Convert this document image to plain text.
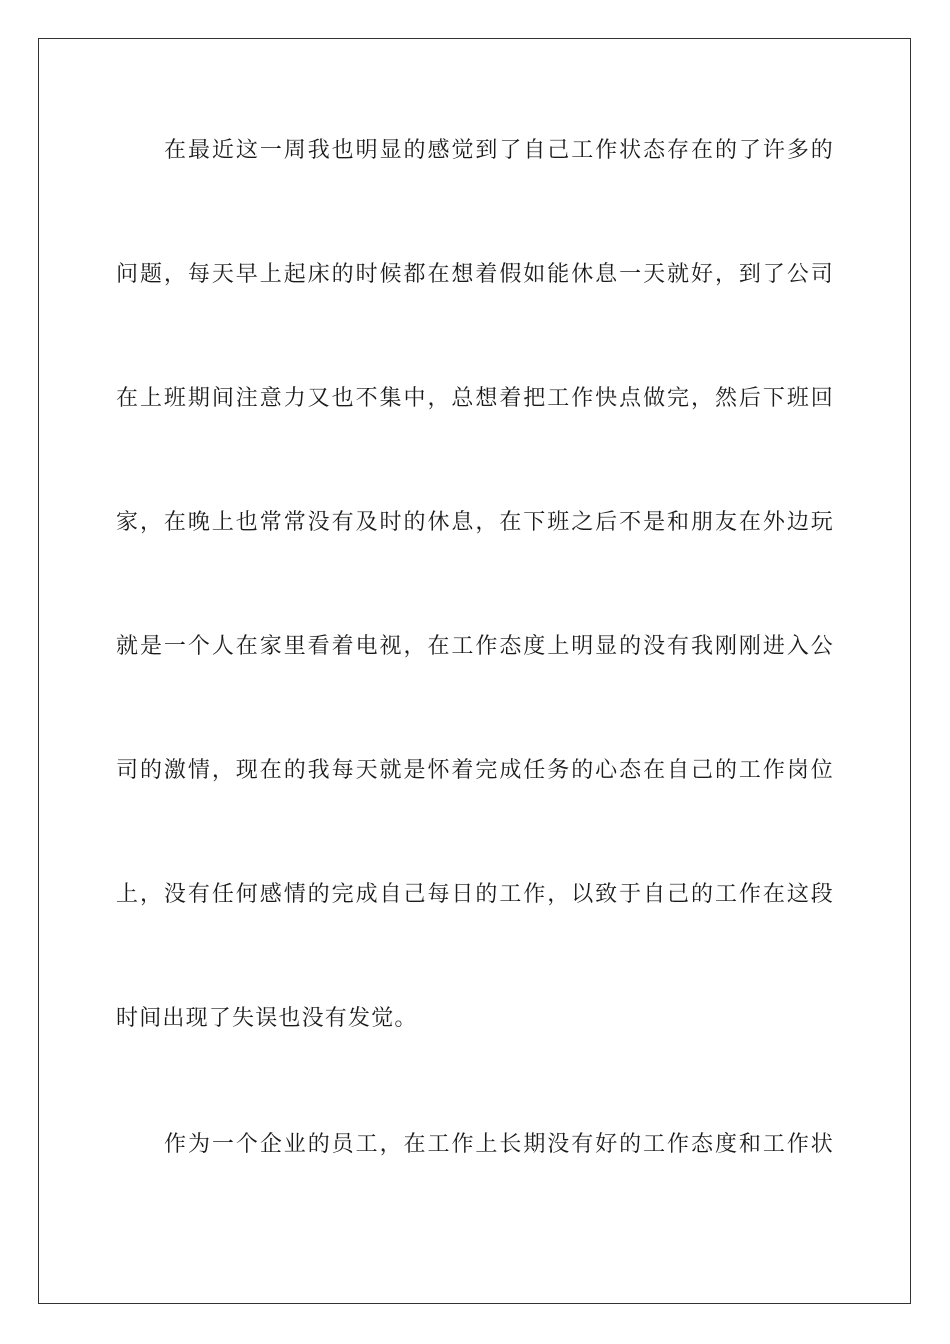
在最近这一周我也明显的感觉到了自己工作状态存在的了许多的
问题，每天早上起床的时候都在想着假如能休息一天就好，到了公司
在上班期间注意力又也不集中，总想着把工作快点做完，然后下班回
家，在晚上也常常没有及时的休息，在下班之后不是和朋友在外边玩
就是一个人在家里看着电视，在工作态度上明显的没有我刚刚进入公
司的激情，现在的我每天就是怀着完成任务的心态在自己的工作岗位
上，没有任何感情的完成自己每日的工作，以致于自己的工作在这段
时间出现了失误也没有发觉。
作为一个企业的员工，在工作上长期没有好的工作态度和工作状
